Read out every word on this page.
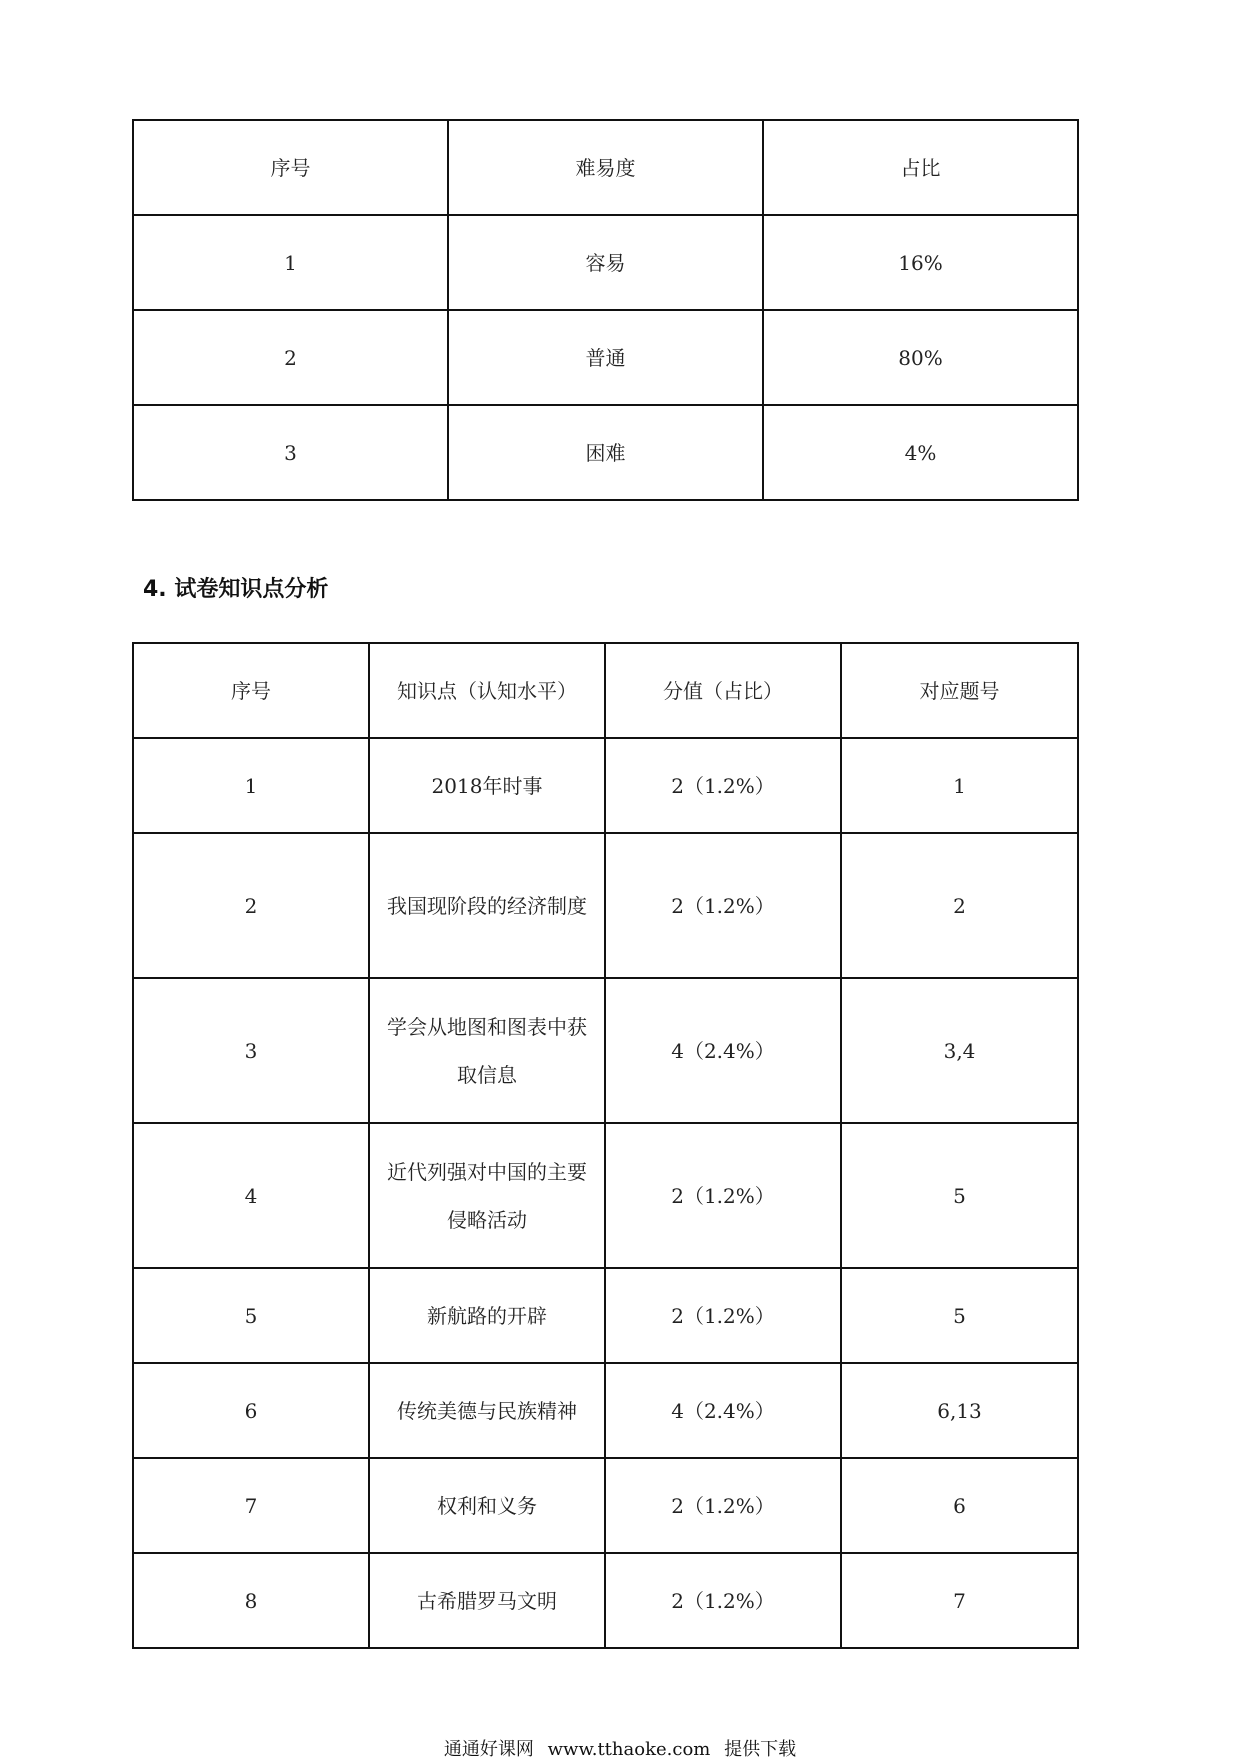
序号	难易度	占比
1	容易	16%
2	普通	80%
3	困难	4%
4. 试卷知识点分析
序号	知识点（认知水平）	分值（占比）	对应题号
1	2018年时事	2（1.2%）	1
2	我国现阶段的经济制度	2（1.2%）	2
3	学会从地图和图表中获取信息	4（2.4%）	3,4
4	近代列强对中国的主要侵略活动	2（1.2%）	5
5	新航路的开辟	2（1.2%）	5
6	传统美德与民族精神	4（2.4%）	6,13
7	权利和义务	2（1.2%）	6
8	古希腊罗马文明	2（1.2%）	7
通通好课网 www.tthaoke.com 提供下载
